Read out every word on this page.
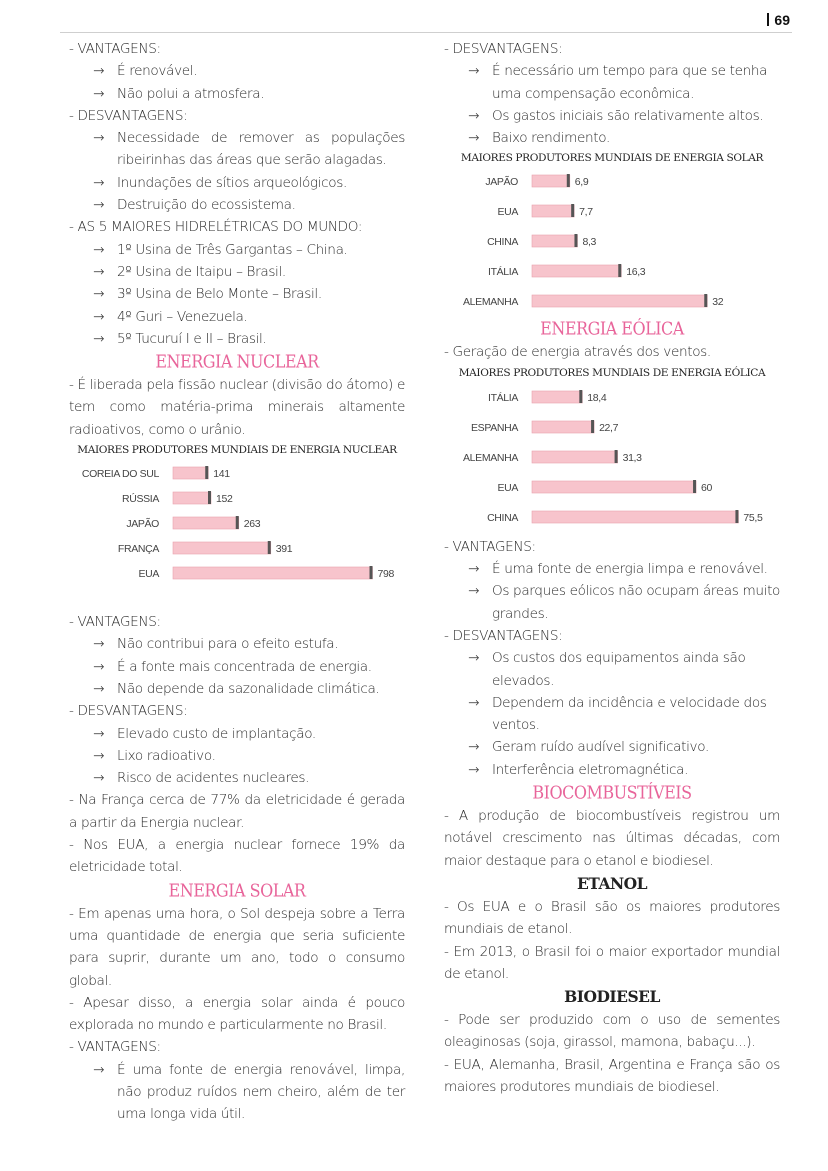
69

- VANTAGENS:

→ É renovável.
→ Não polui a atmosfera.

- DESVANTAGENS:

→ Necessidade de remover as populações ribeirinhas das áreas que serão alagadas.
→ Inundações de sítios arqueológicos.
→ Destruição do ecossistema.

- AS 5 MAIORES HIDRELÉTRICAS DO MUNDO:

→ 1º Usina de Três Gargantas – China.
→ 2º Usina de Itaipu – Brasil.
→ 3º Usina de Belo Monte – Brasil.
→ 4º Guri – Venezuela.
→ 5º Tucuruí I e II – Brasil.

ENERGIA NUCLEAR

- É liberada pela fissão nuclear (divisão do átomo) e tem como matéria-prima minerais altamente radioativos, como o urânio.

MAIORES PRODUTORES MUNDIAIS DE ENERGIA NUCLEAR

COREIA DO SUL	141
RÚSSIA	152
JAPÃO	263
FRANÇA	391
EUA	798

- VANTAGENS:

→ Não contribui para o efeito estufa.
→ É a fonte mais concentrada de energia.
→ Não depende da sazonalidade climática.

- DESVANTAGENS:

→ Elevado custo de implantação.
→ Lixo radioativo.
→ Risco de acidentes nucleares.

- Na França cerca de 77% da eletricidade é gerada a partir da Energia nuclear.

- Nos EUA, a energia nuclear fornece 19% da eletricidade total.

ENERGIA SOLAR

- Em apenas uma hora, o Sol despeja sobre a Terra uma quantidade de energia que seria suficiente para suprir, durante um ano, todo o consumo global.

- Apesar disso, a energia solar ainda é pouco explorada no mundo e particularmente no Brasil.

- VANTAGENS:

→ É uma fonte de energia renovável, limpa, não produz ruídos nem cheiro, além de ter uma longa vida útil.

- DESVANTAGENS:

→ É necessário um tempo para que se tenha uma compensação econômica.
→ Os gastos iniciais são relativamente altos.
→ Baixo rendimento.

MAIORES PRODUTORES MUNDIAIS DE ENERGIA SOLAR

JAPÃO	6,9
EUA	7,7
CHINA	8,3
ITÁLIA	16,3
ALEMANHA	32

ENERGIA EÓLICA

- Geração de energia através dos ventos.

MAIORES PRODUTORES MUNDIAIS DE ENERGIA EÓLICA

ITÁLIA	18,4
ESPANHA	22,7
ALEMANHA	31,3
EUA	60
CHINA	75,5

- VANTAGENS:

→ É uma fonte de energia limpa e renovável.
→ Os parques eólicos não ocupam áreas muito grandes.

- DESVANTAGENS:

→ Os custos dos equipamentos ainda são elevados.
→ Dependem da incidência e velocidade dos ventos.
→ Geram ruído audível significativo.
→ Interferência eletromagnética.

BIOCOMBUSTÍVEIS

- A produção de biocombustíveis registrou um notável crescimento nas últimas décadas, com maior destaque para o etanol e biodiesel.

ETANOL

- Os EUA e o Brasil são os maiores produtores mundiais de etanol.

- Em 2013, o Brasil foi o maior exportador mundial de etanol.

BIODIESEL

- Pode ser produzido com o uso de sementes oleaginosas (soja, girassol, mamona, babaçu...).

- EUA, Alemanha, Brasil, Argentina e França são os maiores produtores mundiais de biodiesel.
